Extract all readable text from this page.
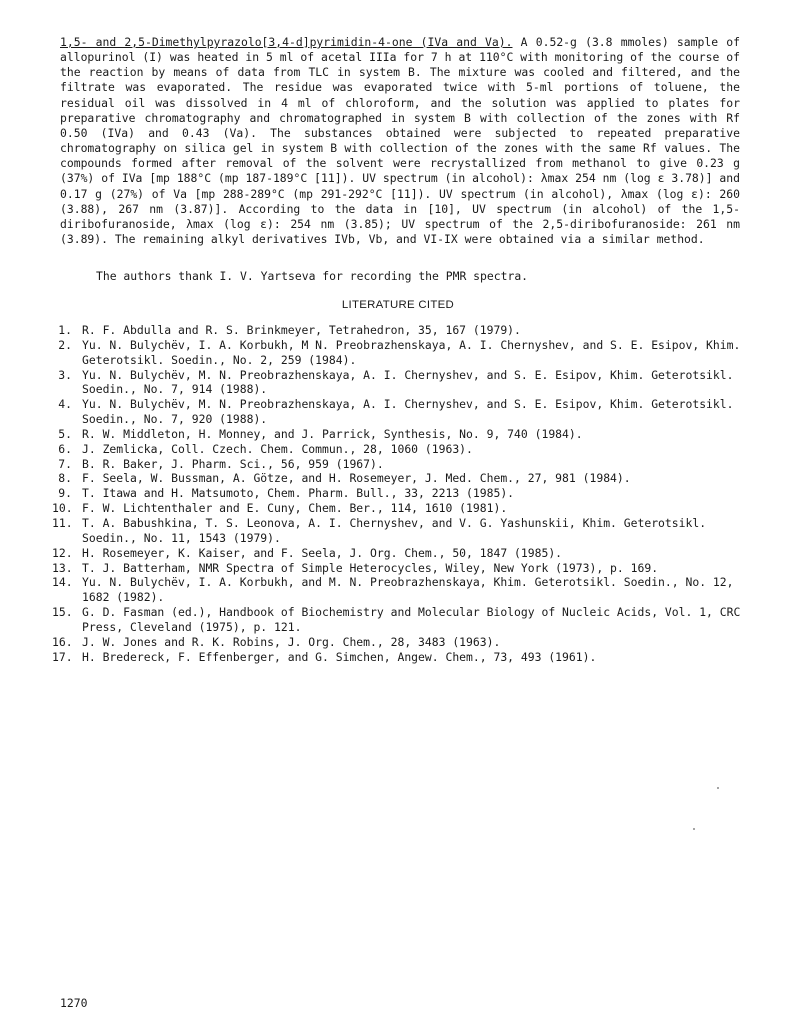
1,5- and 2,5-Dimethylpyrazolo[3,4-d]pyrimidin-4-one (IVa and Va). A 0.52-g (3.8 mmoles) sample of allopurinol (I) was heated in 5 ml of acetal IIIa for 7 h at 110°C with monitoring of the course of the reaction by means of data from TLC in system B. The mixture was cooled and filtered, and the filtrate was evaporated. The residue was evaporated twice with 5-ml portions of toluene, the residual oil was dissolved in 4 ml of chloroform, and the solution was applied to plates for preparative chromatography and chromatographed in system B with collection of the zones with Rf 0.50 (IVa) and 0.43 (Va). The substances obtained were subjected to repeated preparative chromatography on silica gel in system B with collection of the zones with the same Rf values. The compounds formed after removal of the solvent were recrystallized from methanol to give 0.23 g (37%) of IVa [mp 188°C (mp 187-189°C [11]). UV spectrum (in alcohol): λmax 254 nm (log ε 3.78)] and 0.17 g (27%) of Va [mp 288-289°C (mp 291-292°C [11]). UV spectrum (in alcohol), λmax (log ε): 260 (3.88), 267 nm (3.87)]. According to the data in [10], UV spectrum (in alcohol) of the 1,5-diribofuranoside, λmax (log ε): 254 nm (3.85); UV spectrum of the 2,5-diribofuranoside: 261 nm (3.89). The remaining alkyl derivatives IVb, Vb, and VI-IX were obtained via a similar method.
The authors thank I. V. Yartseva for recording the PMR spectra.
LITERATURE CITED
1. R. F. Abdulla and R. S. Brinkmeyer, Tetrahedron, 35, 167 (1979).
2. Yu. N. Bulychëv, I. A. Korbukh, M N. Preobrazhenskaya, A. I. Chernyshev, and S. E. Esipov, Khim. Geterotsikl. Soedin., No. 2, 259 (1984).
3. Yu. N. Bulychëv, M. N. Preobrazhenskaya, A. I. Chernyshev, and S. E. Esipov, Khim. Geterotsikl. Soedin., No. 7, 914 (1988).
4. Yu. N. Bulychëv, M. N. Preobrazhenskaya, A. I. Chernyshev, and S. E. Esipov, Khim. Geterotsikl. Soedin., No. 7, 920 (1988).
5. R. W. Middleton, H. Monney, and J. Parrick, Synthesis, No. 9, 740 (1984).
6. J. Zemlicka, Coll. Czech. Chem. Commun., 28, 1060 (1963).
7. B. R. Baker, J. Pharm. Sci., 56, 959 (1967).
8. F. Seela, W. Bussman, A. Götze, and H. Rosemeyer, J. Med. Chem., 27, 981 (1984).
9. T. Itawa and H. Matsumoto, Chem. Pharm. Bull., 33, 2213 (1985).
10. F. W. Lichtenthaler and E. Cuny, Chem. Ber., 114, 1610 (1981).
11. T. A. Babushkina, T. S. Leonova, A. I. Chernyshev, and V. G. Yashunskii, Khim. Geterotsikl. Soedin., No. 11, 1543 (1979).
12. H. Rosemeyer, K. Kaiser, and F. Seela, J. Org. Chem., 50, 1847 (1985).
13. T. J. Batterham, NMR Spectra of Simple Heterocycles, Wiley, New York (1973), p. 169.
14. Yu. N. Bulychëv, I. A. Korbukh, and M. N. Preobrazhenskaya, Khim. Geterotsikl. Soedin., No. 12, 1682 (1982).
15. G. D. Fasman (ed.), Handbook of Biochemistry and Molecular Biology of Nucleic Acids, Vol. 1, CRC Press, Cleveland (1975), p. 121.
16. J. W. Jones and R. K. Robins, J. Org. Chem., 28, 3483 (1963).
17. H. Bredereck, F. Effenberger, and G. Simchen, Angew. Chem., 73, 493 (1961).
1270
